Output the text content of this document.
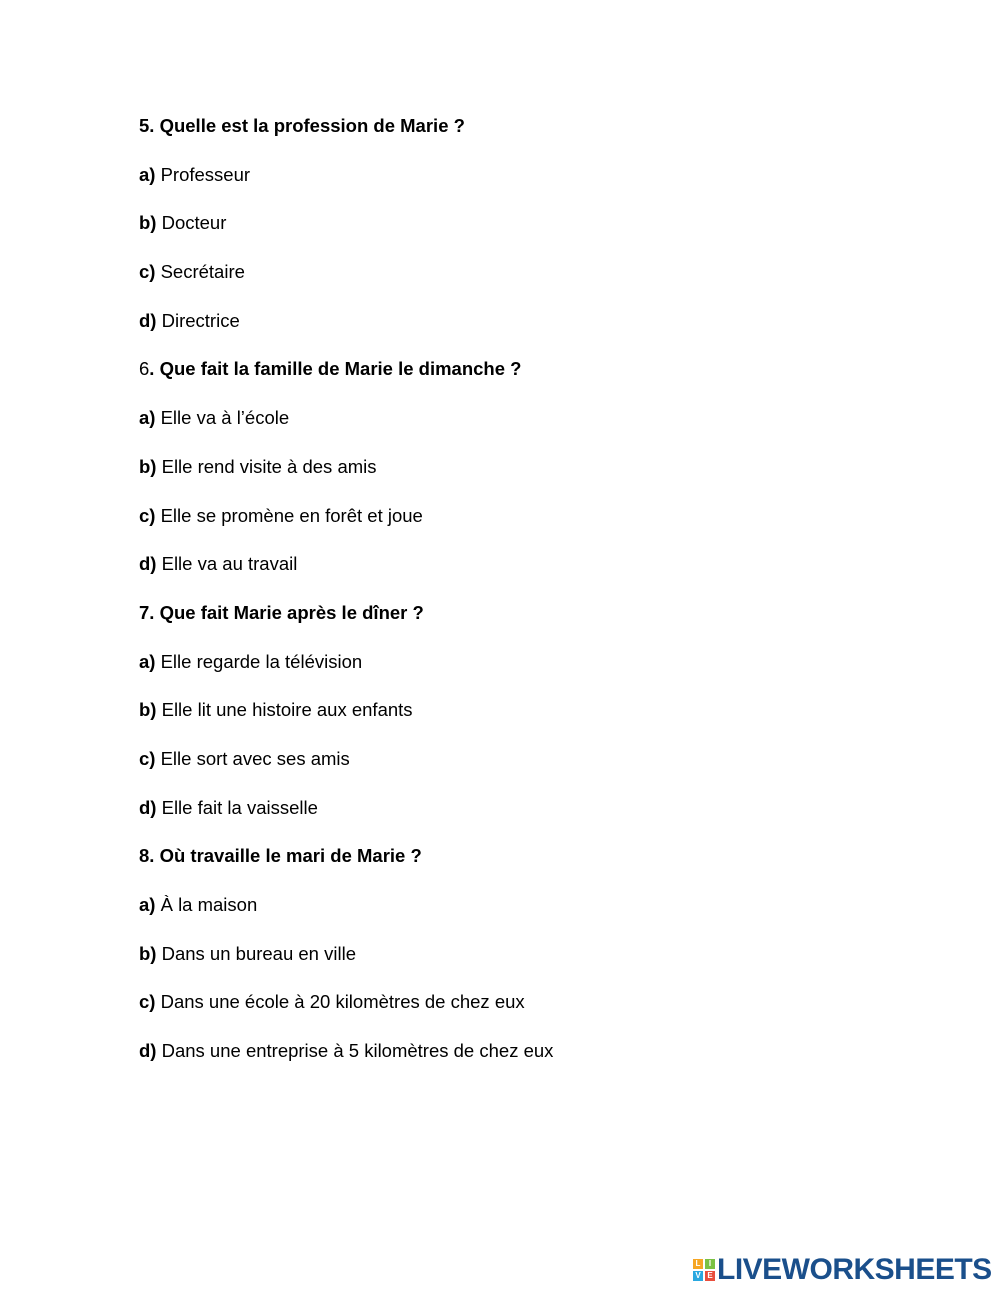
5. Quelle est la profession de Marie ?
a) Professeur
b) Docteur
c) Secrétaire
d) Directrice
6. Que fait la famille de Marie le dimanche ?
a) Elle va à l’école
b) Elle rend visite à des amis
c) Elle se promène en forêt et joue
d) Elle va au travail
7. Que fait Marie après le dîner ?
a) Elle regarde la télévision
b) Elle lit une histoire aux enfants
c) Elle sort avec ses amis
d) Elle fait la vaisselle
8. Où travaille le mari de Marie ?
a) À la maison
b) Dans un bureau en ville
c) Dans une école à 20 kilomètres de chez eux
d) Dans une entreprise à 5 kilomètres de chez eux
L	I
V E LIVEWORKSHEETS
